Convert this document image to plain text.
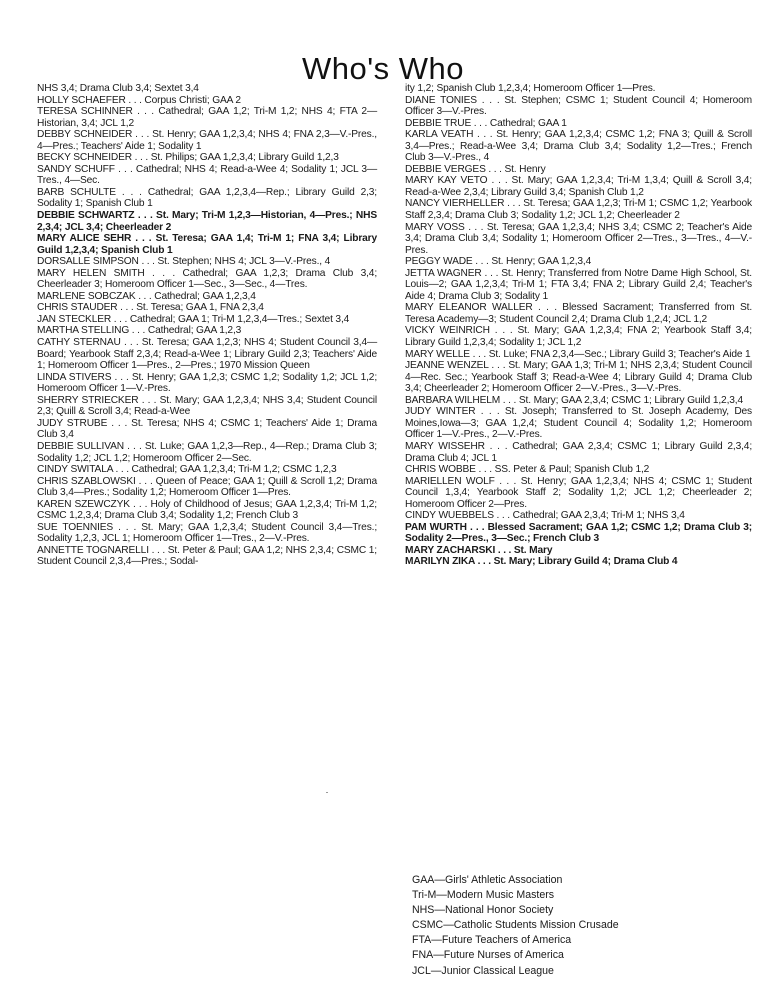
Who's Who

NHS 3,4; Drama Club 3,4; Sextet 3,4

HOLLY SCHAEFER . . . Corpus Christi; GAA 2

TERESA SCHINNER . . . Cathedral; GAA 1,2; Tri-M 1,2; NHS 4; FTA 2—Historian, 3,4; JCL 1,2

DEBBY SCHNEIDER . . . St. Henry; GAA 1,2,3,4; NHS 4; FNA 2,3—V.-Pres., 4—Pres.; Teachers' Aide 1; Sodality 1

BECKY SCHNEIDER . . . St. Philips; GAA 1,2,3,4; Library Guild 1,2,3

SANDY SCHUFF . . . Cathedral; NHS 4; Read-a-Wee 4; Sodality 1; JCL 3—Tres., 4—Sec.

BARB SCHULTE . . . Cathedral; GAA 1,2,3,4—Rep.; Library Guild 2,3; Sodality 1; Spanish Club 1

DEBBIE SCHWARTZ . . . St. Mary; Tri-M 1,2,3—Historian, 4—Pres.; NHS 2,3,4; JCL 3,4; Cheerleader 2

MARY ALICE SEHR . . . St. Teresa; GAA 1,4; Tri-M 1; FNA 3,4; Library Guild 1,2,3,4; Spanish Club 1

DORSALLE SIMPSON . . . St. Stephen; NHS 4; JCL 3—V.-Pres., 4

MARY HELEN SMITH . . . Cathedral; GAA 1,2,3; Drama Club 3,4; Cheerleader 3; Homeroom Officer 1—Sec., 3—Sec., 4—Tres.

MARLENE SOBCZAK . . . Cathedral; GAA 1,2,3,4

CHRIS STAUDER . . . St. Teresa; GAA 1, FNA 2,3,4

JAN STECKLER . . . Cathedral; GAA 1; Tri-M 1,2,3,4—Tres.; Sextet 3,4

MARTHA STELLING . . . Cathedral; GAA 1,2,3

CATHY STERNAU . . . St. Teresa; GAA 1,2,3; NHS 4; Student Council 3,4—Board; Yearbook Staff 2,3,4; Read-a-Wee 1; Library Guild 2,3; Teachers' Aide 1; Homeroom Officer 1—Pres., 2—Pres.; 1970 Mission Queen

LINDA STIVERS . . . St. Henry; GAA 1,2,3; CSMC 1,2; Sodality 1,2; JCL 1,2; Homeroom Officer 1—V.-Pres.

SHERRY STRIECKER . . . St. Mary; GAA 1,2,3,4; NHS 3,4; Student Council 2,3; Quill & Scroll 3,4; Read-a-Wee

JUDY STRUBE . . . St. Teresa; NHS 4; CSMC 1; Teachers' Aide 1; Drama Club 3,4

DEBBIE SULLIVAN . . . St. Luke; GAA 1,2,3—Rep., 4—Rep.; Drama Club 3; Sodality 1,2; JCL 1,2; Homeroom Officer 2—Sec.

CINDY SWITALA . . . Cathedral; GAA 1,2,3,4; Tri-M 1,2; CSMC 1,2,3

CHRIS SZABLOWSKI . . . Queen of Peace; GAA 1; Quill & Scroll 1,2; Drama Club 3,4—Pres.; Sodality 1,2; Homeroom Officer 1—Pres.

KAREN SZEWCZYK . . . Holy of Childhood of Jesus; GAA 1,2,3,4; Tri-M 1,2; CSMC 1,2,3,4; Drama Club 3,4; Sodality 1,2; French Club 3

SUE TOENNIES . . . St. Mary; GAA 1,2,3,4; Student Council 3,4—Tres.; Sodality 1,2,3, JCL 1; Homeroom Officer 1—Tres., 2—V.-Pres.

ANNETTE TOGNARELLI . . . St. Peter & Paul; GAA 1,2; NHS 2,3,4; CSMC 1; Student Council 2,3,4—Pres.; Sodal-

ity 1,2; Spanish Club 1,2,3,4; Homeroom Officer 1—Pres.

DIANE TONIES . . . St. Stephen; CSMC 1; Student Council 4; Homeroom Officer 3—V.-Pres.

DEBBIE TRUE . . . Cathedral; GAA 1

KARLA VEATH . . . St. Henry; GAA 1,2,3,4; CSMC 1,2; FNA 3; Quill & Scroll 3,4—Pres.; Read-a-Wee 3,4; Drama Club 3,4; Sodality 1,2—Tres.; French Club 3—V.-Pres., 4

DEBBIE VERGES . . . St. Henry

MARY KAY VETO . . . St. Mary; GAA 1,2,3,4; Tri-M 1,3,4; Quill & Scroll 3,4; Read-a-Wee 2,3,4; Library Guild 3,4; Spanish Club 1,2

NANCY VIERHELLER . . . St. Teresa; GAA 1,2,3; Tri-M 1; CSMC 1,2; Yearbook Staff 2,3,4; Drama Club 3; Sodality 1,2; JCL 1,2; Cheerleader 2

MARY VOSS . . . St. Teresa; GAA 1,2,3,4; NHS 3,4; CSMC 2; Teacher's Aide 3,4; Drama Club 3,4; Sodality 1; Homeroom Officer 2—Tres., 3—Tres., 4—V.-Pres.

PEGGY WADE . . . St. Henry; GAA 1,2,3,4

JETTA WAGNER . . . St. Henry; Transferred from Notre Dame High School, St. Louis—2; GAA 1,2,3,4; Tri-M 1; FTA 3,4; FNA 2; Library Guild 2,4; Teacher's Aide 4; Drama Club 3; Sodality 1

MARY ELEANOR WALLER . . . Blessed Sacrament; Transferred from St. Teresa Academy—3; Student Council 2,4; Drama Club 1,2,4; JCL 1,2

VICKY WEINRICH . . . St. Mary; GAA 1,2,3,4; FNA 2; Yearbook Staff 3,4; Library Guild 1,2,3,4; Sodality 1; JCL 1,2

MARY WELLE . . . St. Luke; FNA 2,3,4—Sec.; Library Guild 3; Teacher's Aide 1

JEANNE WENZEL . . . St. Mary; GAA 1,3; Tri-M 1; NHS 2,3,4; Student Council 4—Rec. Sec.; Yearbook Staff 3; Read-a-Wee 4; Library Guild 4; Drama Club 3,4; Cheerleader 2; Homeroom Officer 2—V.-Pres., 3—V.-Pres.

BARBARA WILHELM . . . St. Mary; GAA 2,3,4; CSMC 1; Library Guild 1,2,3,4

JUDY WINTER . . . St. Joseph; Transferred to St. Joseph Academy, Des Moines,Iowa—3; GAA 1,2,4; Student Council 4; Sodality 1,2; Homeroom Officer 1—V.-Pres., 2—V.-Pres.

MARY WISSEHR . . . Cathedral; GAA 2,3,4; CSMC 1; Library Guild 2,3,4; Drama Club 4; JCL 1

CHRIS WOBBE . . . SS. Peter & Paul; Spanish Club 1,2

MARIELLEN WOLF . . . St. Henry; GAA 1,2,3,4; NHS 4; CSMC 1; Student Council 1,3,4; Yearbook Staff 2; Sodality 1,2; JCL 1,2; Cheerleader 2; Homeroom Officer 2—Pres.

CINDY WUEBBELS . . . Cathedral; GAA 2,3,4; Tri-M 1; NHS 3,4

PAM WURTH . . . Blessed Sacrament; GAA 1,2; CSMC 1,2; Drama Club 3; Sodality 2—Pres., 3—Sec.; French Club 3

MARY ZACHARSKI . . . St. Mary

MARILYN ZIKA . . . St. Mary; Library Guild 4; Drama Club 4

GAA—Girls' Athletic Association
Tri-M—Modern Music Masters
NHS—National Honor Society
CSMC—Catholic Students Mission Crusade
FTA—Future Teachers of America
FNA—Future Nurses of America
JCL—Junior Classical League
